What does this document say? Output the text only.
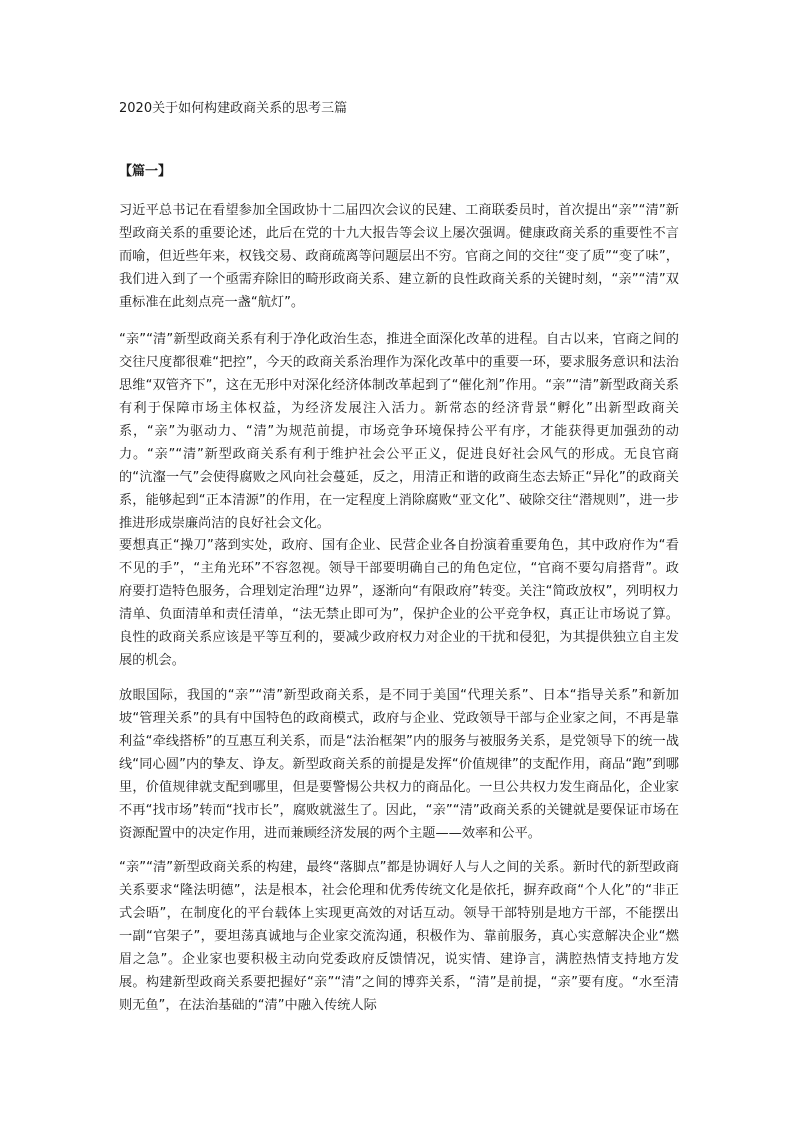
2020关于如何构建政商关系的思考三篇
【篇一】

习近平总书记在看望参加全国政协十二届四次会议的民建、工商联委员时，首次提出“亲”“清”新型政商关系的重要论述，此后在党的十九大报告等会议上屡次强调。健康政商关系的重要性不言而喻，但近些年来，权钱交易、政商疏离等问题层出不穷。官商之间的交往“变了质”“变了味”，我们进入到了一个亟需弃除旧的畸形政商关系、建立新的良性政商关系的关键时刻，“亲”“清”双重标准在此刻点亮一盏“航灯”。

“亲”“清”新型政商关系有利于净化政治生态，推进全面深化改革的进程。自古以来，官商之间的交往尺度都很难“把控”，今天的政商关系治理作为深化改革中的重要一环，要求服务意识和法治思维“双管齐下”，这在无形中对深化经济体制改革起到了“催化剂”作用。“亲”“清”新型政商关系有利于保障市场主体权益，为经济发展注入活力。新常态的经济背景“孵化”出新型政商关系，“亲”为驱动力、“清”为规范前提，市场竞争环境保持公平有序，才能获得更加强劲的动力。“亲”“清”新型政商关系有利于维护社会公平正义，促进良好社会风气的形成。无良官商的“沆瀣一气”会使得腐败之风向社会蔓延，反之，用清正和谐的政商生态去矫正“异化”的政商关系，能够起到“正本清源”的作用，在一定程度上消除腐败“亚文化”、破除交往“潜规则”，进一步推进形成崇廉尚洁的良好社会文化。

要想真正“操刀”落到实处，政府、国有企业、民营企业各自扮演着重要角色，其中政府作为“看不见的手”，“主角光环”不容忽视。领导干部要明确自己的角色定位，“官商不要勾肩搭背”。政府要打造特色服务，合理划定治理“边界”，逐渐向“有限政府”转变。关注“简政放权”，列明权力清单、负面清单和责任清单，“法无禁止即可为”，保护企业的公平竞争权，真正让市场说了算。良性的政商关系应该是平等互利的，要减少政府权力对企业的干扰和侵犯，为其提供独立自主发展的机会。

放眼国际，我国的“亲”“清”新型政商关系，是不同于美国“代理关系”、日本“指导关系”和新加坡“管理关系”的具有中国特色的政商模式，政府与企业、党政领导干部与企业家之间，不再是靠利益“牵线搭桥”的互惠互利关系，而是“法治框架”内的服务与被服务关系，是党领导下的统一战线“同心圆”内的挚友、诤友。新型政商关系的前提是发挥“价值规律”的支配作用，商品“跑”到哪里，价值规律就支配到哪里，但是要警惕公共权力的商品化。一旦公共权力发生商品化，企业家不再“找市场”转而“找市长”，腐败就滋生了。因此，“亲”“清”政商关系的关键就是要保证市场在资源配置中的决定作用，进而兼顾经济发展的两个主题——效率和公平。

“亲”“清”新型政商关系的构建，最终“落脚点”都是协调好人与人之间的关系。新时代的新型政商关系要求“隆法明德”，法是根本，社会伦理和优秀传统文化是依托，摒弃政商“个人化”的“非正式会晤”，在制度化的平台载体上实现更高效的对话互动。领导干部特别是地方干部，不能摆出一副“官架子”，要坦荡真诚地与企业家交流沟通，积极作为、靠前服务，真心实意解决企业“燃眉之急”。企业家也要积极主动向党委政府反馈情况，说实情、建诤言，满腔热情支持地方发展。构建新型政商关系要把握好“亲”“清”之间的博弈关系，“清”是前提，“亲”要有度。“水至清则无鱼”，在法治基础的“清”中融入传统人际
